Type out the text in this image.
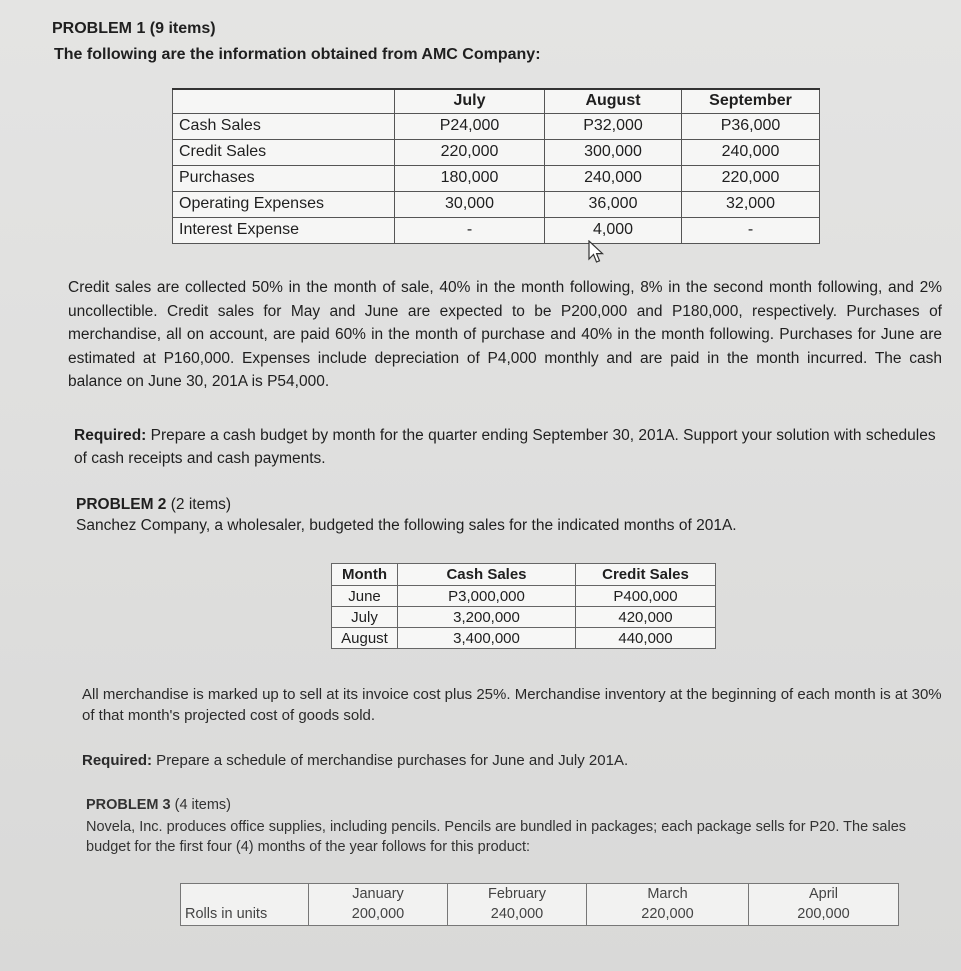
PROBLEM 1 (9 items)
The following are the information obtained from AMC Company:
	July	August	September
Cash Sales	P24,000	P32,000	P36,000
Credit Sales	220,000	300,000	240,000
Purchases	180,000	240,000	220,000
Operating Expenses	30,000	36,000	32,000
Interest Expense	-	4,000	-
Credit sales are collected 50% in the month of sale, 40% in the month following, 8% in the second month following, and 2% uncollectible. Credit sales for May and June are expected to be P200,000 and P180,000, respectively. Purchases of merchandise, all on account, are paid 60% in the month of purchase and 40% in the month following. Purchases for June are estimated at P160,000. Expenses include depreciation of P4,000 monthly and are paid in the month incurred. The cash balance on June 30, 201A is P54,000.
Required: Prepare a cash budget by month for the quarter ending September 30, 201A. Support your solution with schedules of cash receipts and cash payments.
PROBLEM 2 (2 items)
Sanchez Company, a wholesaler, budgeted the following sales for the indicated months of 201A.
Month	Cash Sales	Credit Sales
June	P3,000,000	P400,000
July	3,200,000	420,000
August	3,400,000	440,000
All merchandise is marked up to sell at its invoice cost plus 25%. Merchandise inventory at the beginning of each month is at 30% of that month's projected cost of goods sold.
Required: Prepare a schedule of merchandise purchases for June and July 201A.
PROBLEM 3 (4 items)
Novela, Inc. produces office supplies, including pencils. Pencils are bundled in packages; each package sells for P20. The sales budget for the first four (4) months of the year follows for this product:
	January	February	March	April
Rolls in units	200,000	240,000	220,000	200,000
